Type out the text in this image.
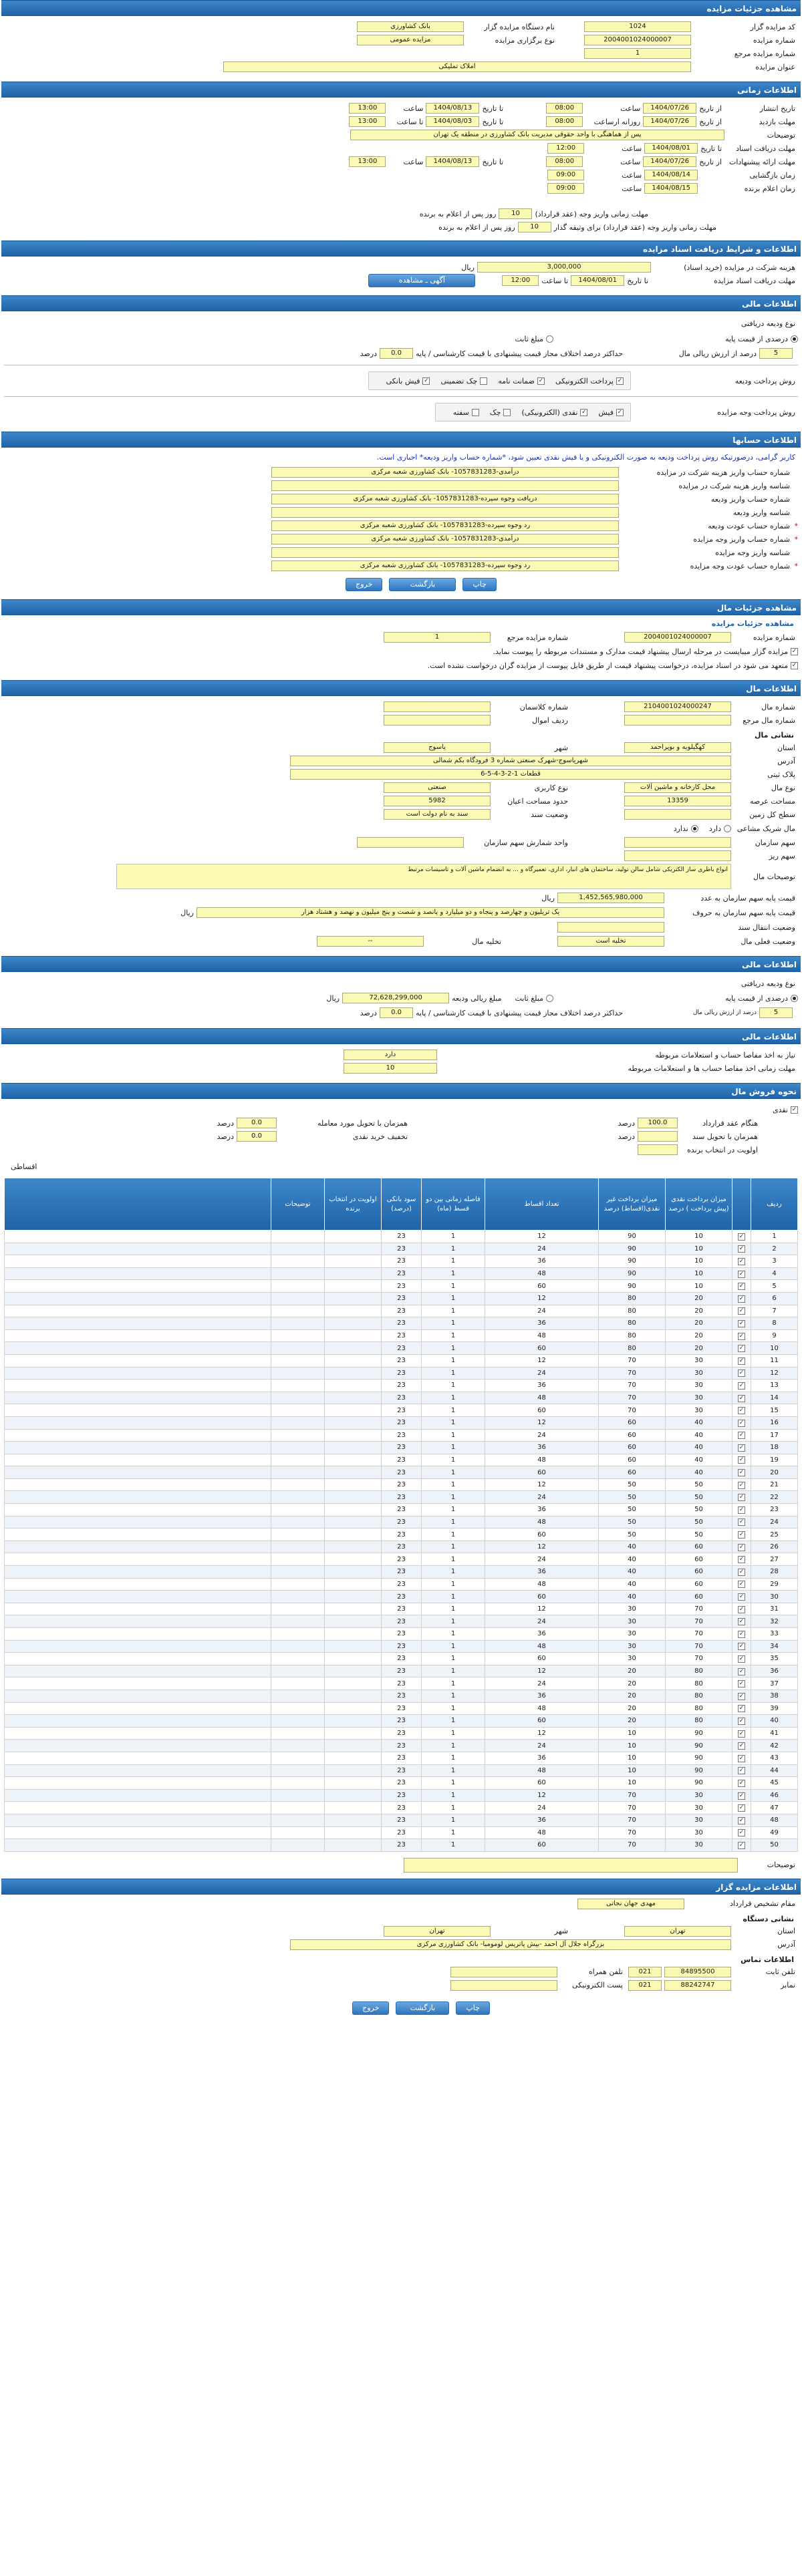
مشاهده جزئیات مزایده
کد مزایده گزار
1024
نام دستگاه مزایده گزار
بانک کشاورزی
شماره مزایده
2004001024000007
نوع برگزاری مزایده
مزایده عمومی
شماره مزایده مرجع
1
عنوان مزایده
املاک تملیکی
اطلاعات زمانی
تاریخ انتشار
از تاریخ
1404/07/26
ساعت
08:00
تا تاریخ
1404/08/13
ساعت
13:00
مهلت بازدید
از تاریخ
1404/07/26
روزانه ارساعت
08:00
تا تاریخ
1404/08/03
تا ساعت
13:00
توضیحات
پس از هماهنگی با واحد حقوقی مدیریت بانک کشاورزی در منطقه یک تهران
مهلت دریافت اسناد
تا تاریخ
1404/08/01
ساعت
12:00
مهلت ارائه پیشنهادات
از تاریخ
1404/07/26
ساعت
08:00
تا تاریخ
1404/08/13
ساعت
13:00
زمان بازگشایی
1404/08/14
ساعت
09:00
زمان اعلام برنده
1404/08/15
ساعت
09:00
مهلت زمانی واریز وجه (عقد قرارداد)
10
روز پس از اعلام به برنده
مهلت زمانی واریز وجه (عقد قرارداد) برای وثیقه گذار
10
روز پس از اعلام به برنده
اطلاعات و شرایط دریافت اسناد مزایده
هزینه شرکت در مزایده (خرید اسناد)
3,000,000
ریال
مهلت دریافت اسناد مزایده
تا تاریخ
1404/08/01
تا ساعت
12:00
آگهی ـ مشاهده
اطلاعات مالی
نوع ودیعه دریافتی
درصدی از قیمت پایه
مبلغ ثابت
5
درصد از ارزش ریالی مال
حداکثر درصد اختلاف مجاز قیمت پیشنهادی با قیمت کارشناسی / پایه
0.0
درصد
روش پرداخت ودیعه
✓
پرداخت الکترونیکی
✓
ضمانت نامه
چک تضمینی
✓
فیش بانکی
روش پرداخت وجه مزایده
✓
فیش
✓
نقدی (الکترونیکی)
چک
سفته
اطلاعات حسابها
کاربر گرامی، درصورتیکه روش پرداخت ودیعه به صورت الکترونیکی و یا فیش نقدی تعیین شود، *شماره حساب واریز ودیعه* اجباری است.
شماره حساب واریز هزینه شرکت در مزایده
درآمدی-1057831283- بانک کشاورزی شعبه مرکزی
شناسه واریز هزینه شرکت در مزایده
شماره حساب واریز ودیعه
دریافت وجوه سپرده-1057831283- بانک کشاورزی شعبه مرکزی
شناسه واریز ودیعه
*
شماره حساب عودت ودیعه
رد وجوه سپرده-1057831283- بانک کشاورزی شعبه مرکزی
*
شماره حساب واریز وجه مزایده
درآمدی-1057831283- بانک کشاورزی شعبه مرکزی
شناسه واریز وجه مزایده
*
شماره حساب عودت وجه مزایده
رد وجوه سپرده-1057831283- بانک کشاورزی شعبه مرکزی
چاپ
بازگشت
خروج
مشاهده جزئیات مال
مشاهده جزئیات مزایده
شماره مزایده
2004001024000007
شماره مزایده مرجع
1
✓
مزایده گزار میبایست در مرحله ارسال پیشنهاد قیمت مدارک و مستندات مربوطه را پیوست نماید.
✓
متعهد می شود در اسناد مزایده، درخواست پیشنهاد قیمت از طریق فایل پیوست از مزایده گران درخواست نشده است.
اطلاعات مال
شماره مال
2104001024000247
شماره کلاسمان
شماره مال مرجع
ردیف اموال
نشانی مال
استان
کهگیلویه و بویراحمد
شهر
یاسوج
آدرس
شهرياسوج-شهرک صنعتی شماره 3 فرودگاه بکم شمالی
پلاک ثبتی
قطعات 1-2-3-4-5-6
نوع مال
محل کارخانه و ماشین آلات
نوع کاربری
صنعتی
مساحت عرصه
13359
حدود مساحت اعیان
5982
سطح کل زمین
وضعیت سند
سند به نام دولت است
مال شریک مشاعی
دارد
ندارد
سهم سازمان
واحد شمارش سهم سازمان
سهم ریز
توضیحات مال
انواع باطری ساز الکتریکی شامل سالن تولید، ساختمان های انبار، اداری، تعمیرگاه و ... به انضمام ماشین آلات و تاسیسات مرتبط
قیمت پایه سهم سازمان به عدد
1,452,565,980,000
ریال
قیمت پایه سهم سازمان به حروف
یک تریلیون و چهارصد و پنجاه و دو میلیارد و پانصد و شصت و پنج میلیون و نهصد و هشتاد هزار
ریال
وضعیت انتقال سند
وضعیت فعلی مال
تخلیه است
تخلیه مال
--
اطلاعات مالی
نوع ودیعه دریافتی
درصدی از قیمت پایه
مبلغ ثابت
مبلغ ریالی ودیعه
72,628,299,000
ریال
5
درصد از ارزش ریالی مال
حداکثر درصد اختلاف مجاز قیمت پیشنهادی با قیمت کارشناسی / پایه
0.0
درصد
اطلاعات مالی
نیاز به اخذ مفاصا حساب و استعلامات مربوطه
دارد
مهلت زمانی اخذ مفاصا حساب ها و استعلامات مربوطه
10
نحوه فروش مال
✓
نقدی
هنگام عقد قرارداد
100.0
درصد
همزمان با تحویل مورد معامله
0.0
درصد
همزمان با تحویل سند
درصد
تخفیف خرید نقدی
0.0
درصد
اولویت در انتخاب برنده
اقساطی
ردیف		میزان برداخت نقدی (پیش برداخت ) درصد	میزان برداخت غیر نقدی(اقساط) درصد	تعداد اقساط	فاصله زمانی بین دو قسط (ماه)	سود بانکی (درصد)	اولویت در انتخاب برنده	توضیحات	
1	✓	10	90	12	1	23			
2	✓	10	90	24	1	23			
3	✓	10	90	36	1	23			
4	✓	10	90	48	1	23			
5	✓	10	90	60	1	23			
6	✓	20	80	12	1	23			
7	✓	20	80	24	1	23			
8	✓	20	80	36	1	23			
9	✓	20	80	48	1	23			
10	✓	20	80	60	1	23			
11	✓	30	70	12	1	23			
12	✓	30	70	24	1	23			
13	✓	30	70	36	1	23			
14	✓	30	70	48	1	23			
15	✓	30	70	60	1	23			
16	✓	40	60	12	1	23			
17	✓	40	60	24	1	23			
18	✓	40	60	36	1	23			
19	✓	40	60	48	1	23			
20	✓	40	60	60	1	23			
21	✓	50	50	12	1	23			
22	✓	50	50	24	1	23			
23	✓	50	50	36	1	23			
24	✓	50	50	48	1	23			
25	✓	50	50	60	1	23			
26	✓	60	40	12	1	23			
27	✓	60	40	24	1	23			
28	✓	60	40	36	1	23			
29	✓	60	40	48	1	23			
30	✓	60	40	60	1	23			
31	✓	70	30	12	1	23			
32	✓	70	30	24	1	23			
33	✓	70	30	36	1	23			
34	✓	70	30	48	1	23			
35	✓	70	30	60	1	23			
36	✓	80	20	12	1	23			
37	✓	80	20	24	1	23			
38	✓	80	20	36	1	23			
39	✓	80	20	48	1	23			
40	✓	80	20	60	1	23			
41	✓	90	10	12	1	23			
42	✓	90	10	24	1	23			
43	✓	90	10	36	1	23			
44	✓	90	10	48	1	23			
45	✓	90	10	60	1	23			
46	✓	30	70	12	1	23			
47	✓	30	70	24	1	23			
48	✓	30	70	36	1	23			
49	✓	30	70	48	1	23			
50	✓	30	70	60	1	23			
توضیحات
اطلاعات مزایده گزار
مقام تشخیص قرارداد
مهدی جهان نجاتی
نشانی دستگاه
استان
تهران
شهر
تهران
آدرس
بزرگراه جلال آل احمد -بیش پاتریس لومومبا- بانک کشاورزی مرکزی
اطلاعات تماس
تلفن ثابت
84895500
021
تلفن همراه
نمابر
88242747
021
پست الکترونیکی
چاپ
بازگشت
خروج
